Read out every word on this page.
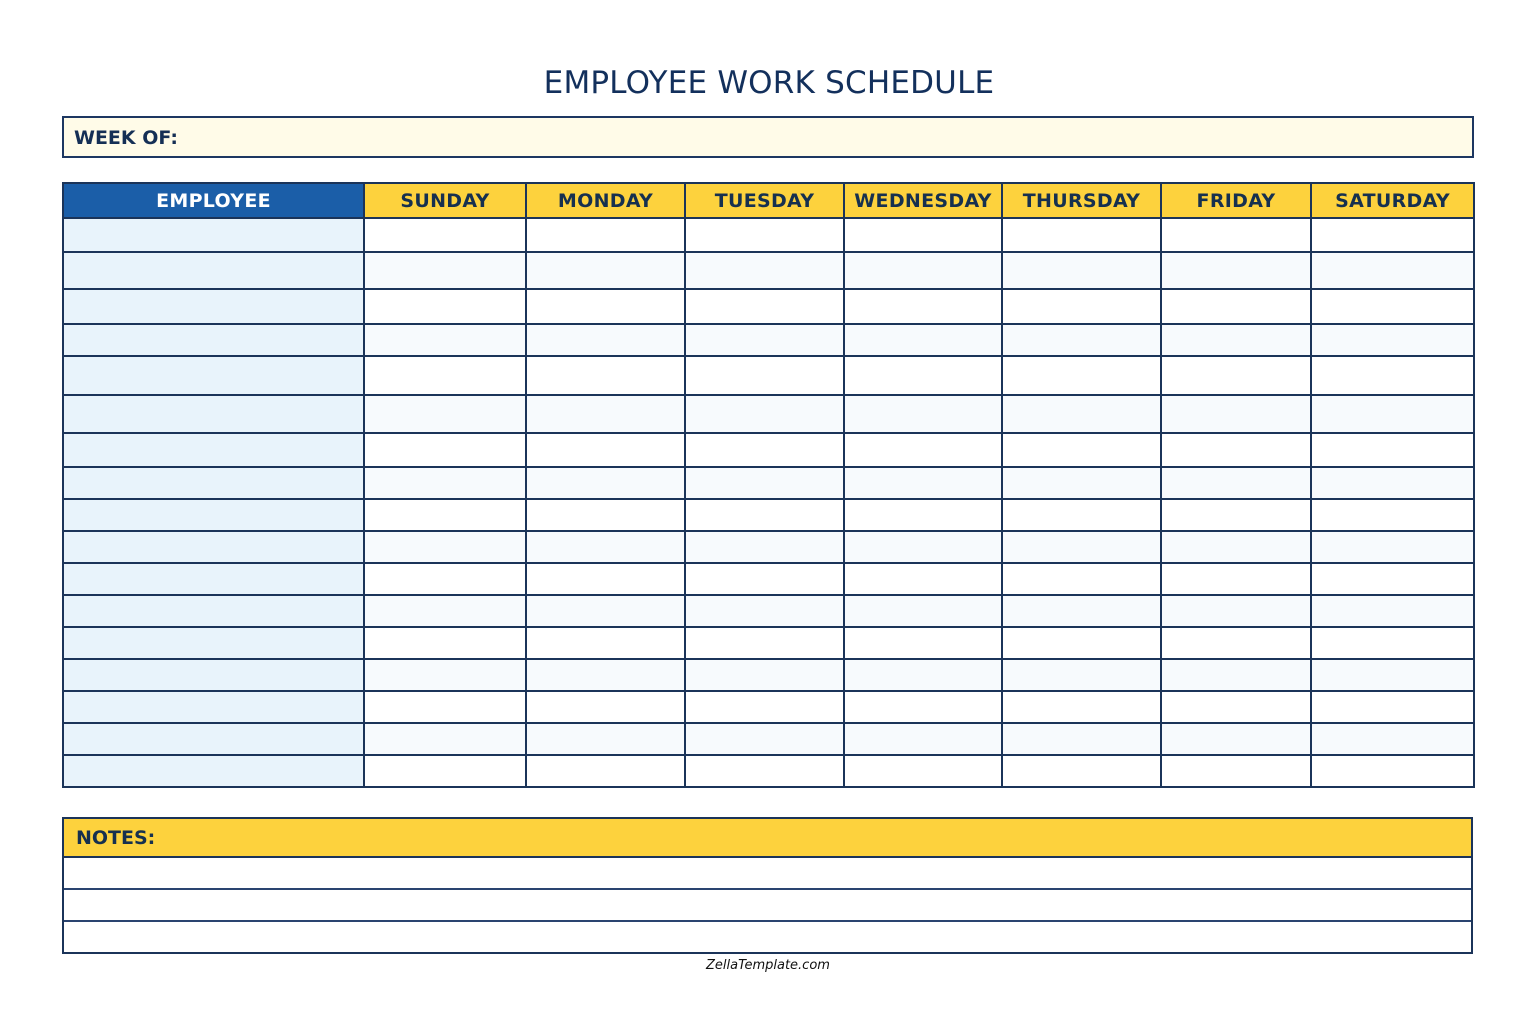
EMPLOYEE WORK SCHEDULE
WEEK OF:
EMPLOYEE	SUNDAY	MONDAY	TUESDAY	WEDNESDAY	THURSDAY	FRIDAY	SATURDAY

NOTES:
ZellaTemplate.com
